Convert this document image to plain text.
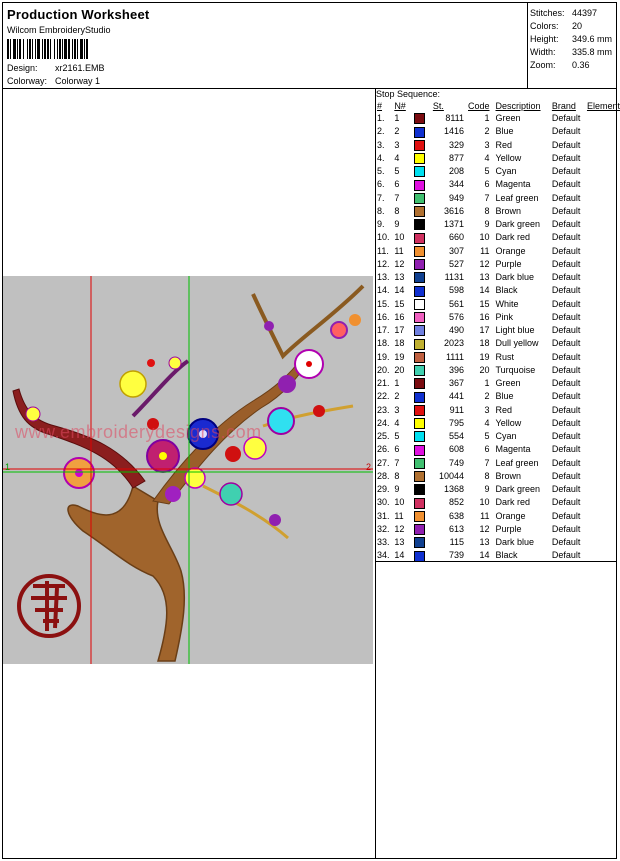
Production Worksheet
Wilcom EmbroideryStudio
Design: xr2161.EMB
Colorway: Colorway 1
Stitches: 44397
Colors: 20
Height: 349.6 mm
Width: 335.8 mm
Zoom: 0.36
Stop Sequence:
#	N#		St.	Code	Description	Brand	Element
1.	1		8111	1	Green	Default	
2.	2		1416	2	Blue	Default	
3.	3		329	3	Red	Default	
4.	4		877	4	Yellow	Default	
5.	5		208	5	Cyan	Default	
6.	6		344	6	Magenta	Default	
7.	7		949	7	Leaf green	Default	
8.	8		3616	8	Brown	Default	
9.	9		1371	9	Dark green	Default	
10.	10		660	10	Dark red	Default	
11.	11		307	11	Orange	Default	
12.	12		527	12	Purple	Default	
13.	13		1131	13	Dark blue	Default	
14.	14		598	14	Black	Default	
15.	15		561	15	White	Default	
16.	16		576	16	Pink	Default	
17.	17		490	17	Light blue	Default	
18.	18		2023	18	Dull yellow	Default	
19.	19		1111	19	Rust	Default	
20.	20		396	20	Turquoise	Default	
21.	1		367	1	Green	Default	
22.	2		441	2	Blue	Default	
23.	3		911	3	Red	Default	
24.	4		795	4	Yellow	Default	
25.	5		554	5	Cyan	Default	
26.	6		608	6	Magenta	Default	
27.	7		749	7	Leaf green	Default	
28.	8		10044	8	Brown	Default	
29.	9		1368	9	Dark green	Default	
30.	10		852	10	Dark red	Default	
31.	11		638	11	Orange	Default	
32.	12		613	12	Purple	Default	
33.	13		115	13	Dark blue	Default	
34.	14		739	14	Black	Default	
www.embroiderydesigns.com
1	2
